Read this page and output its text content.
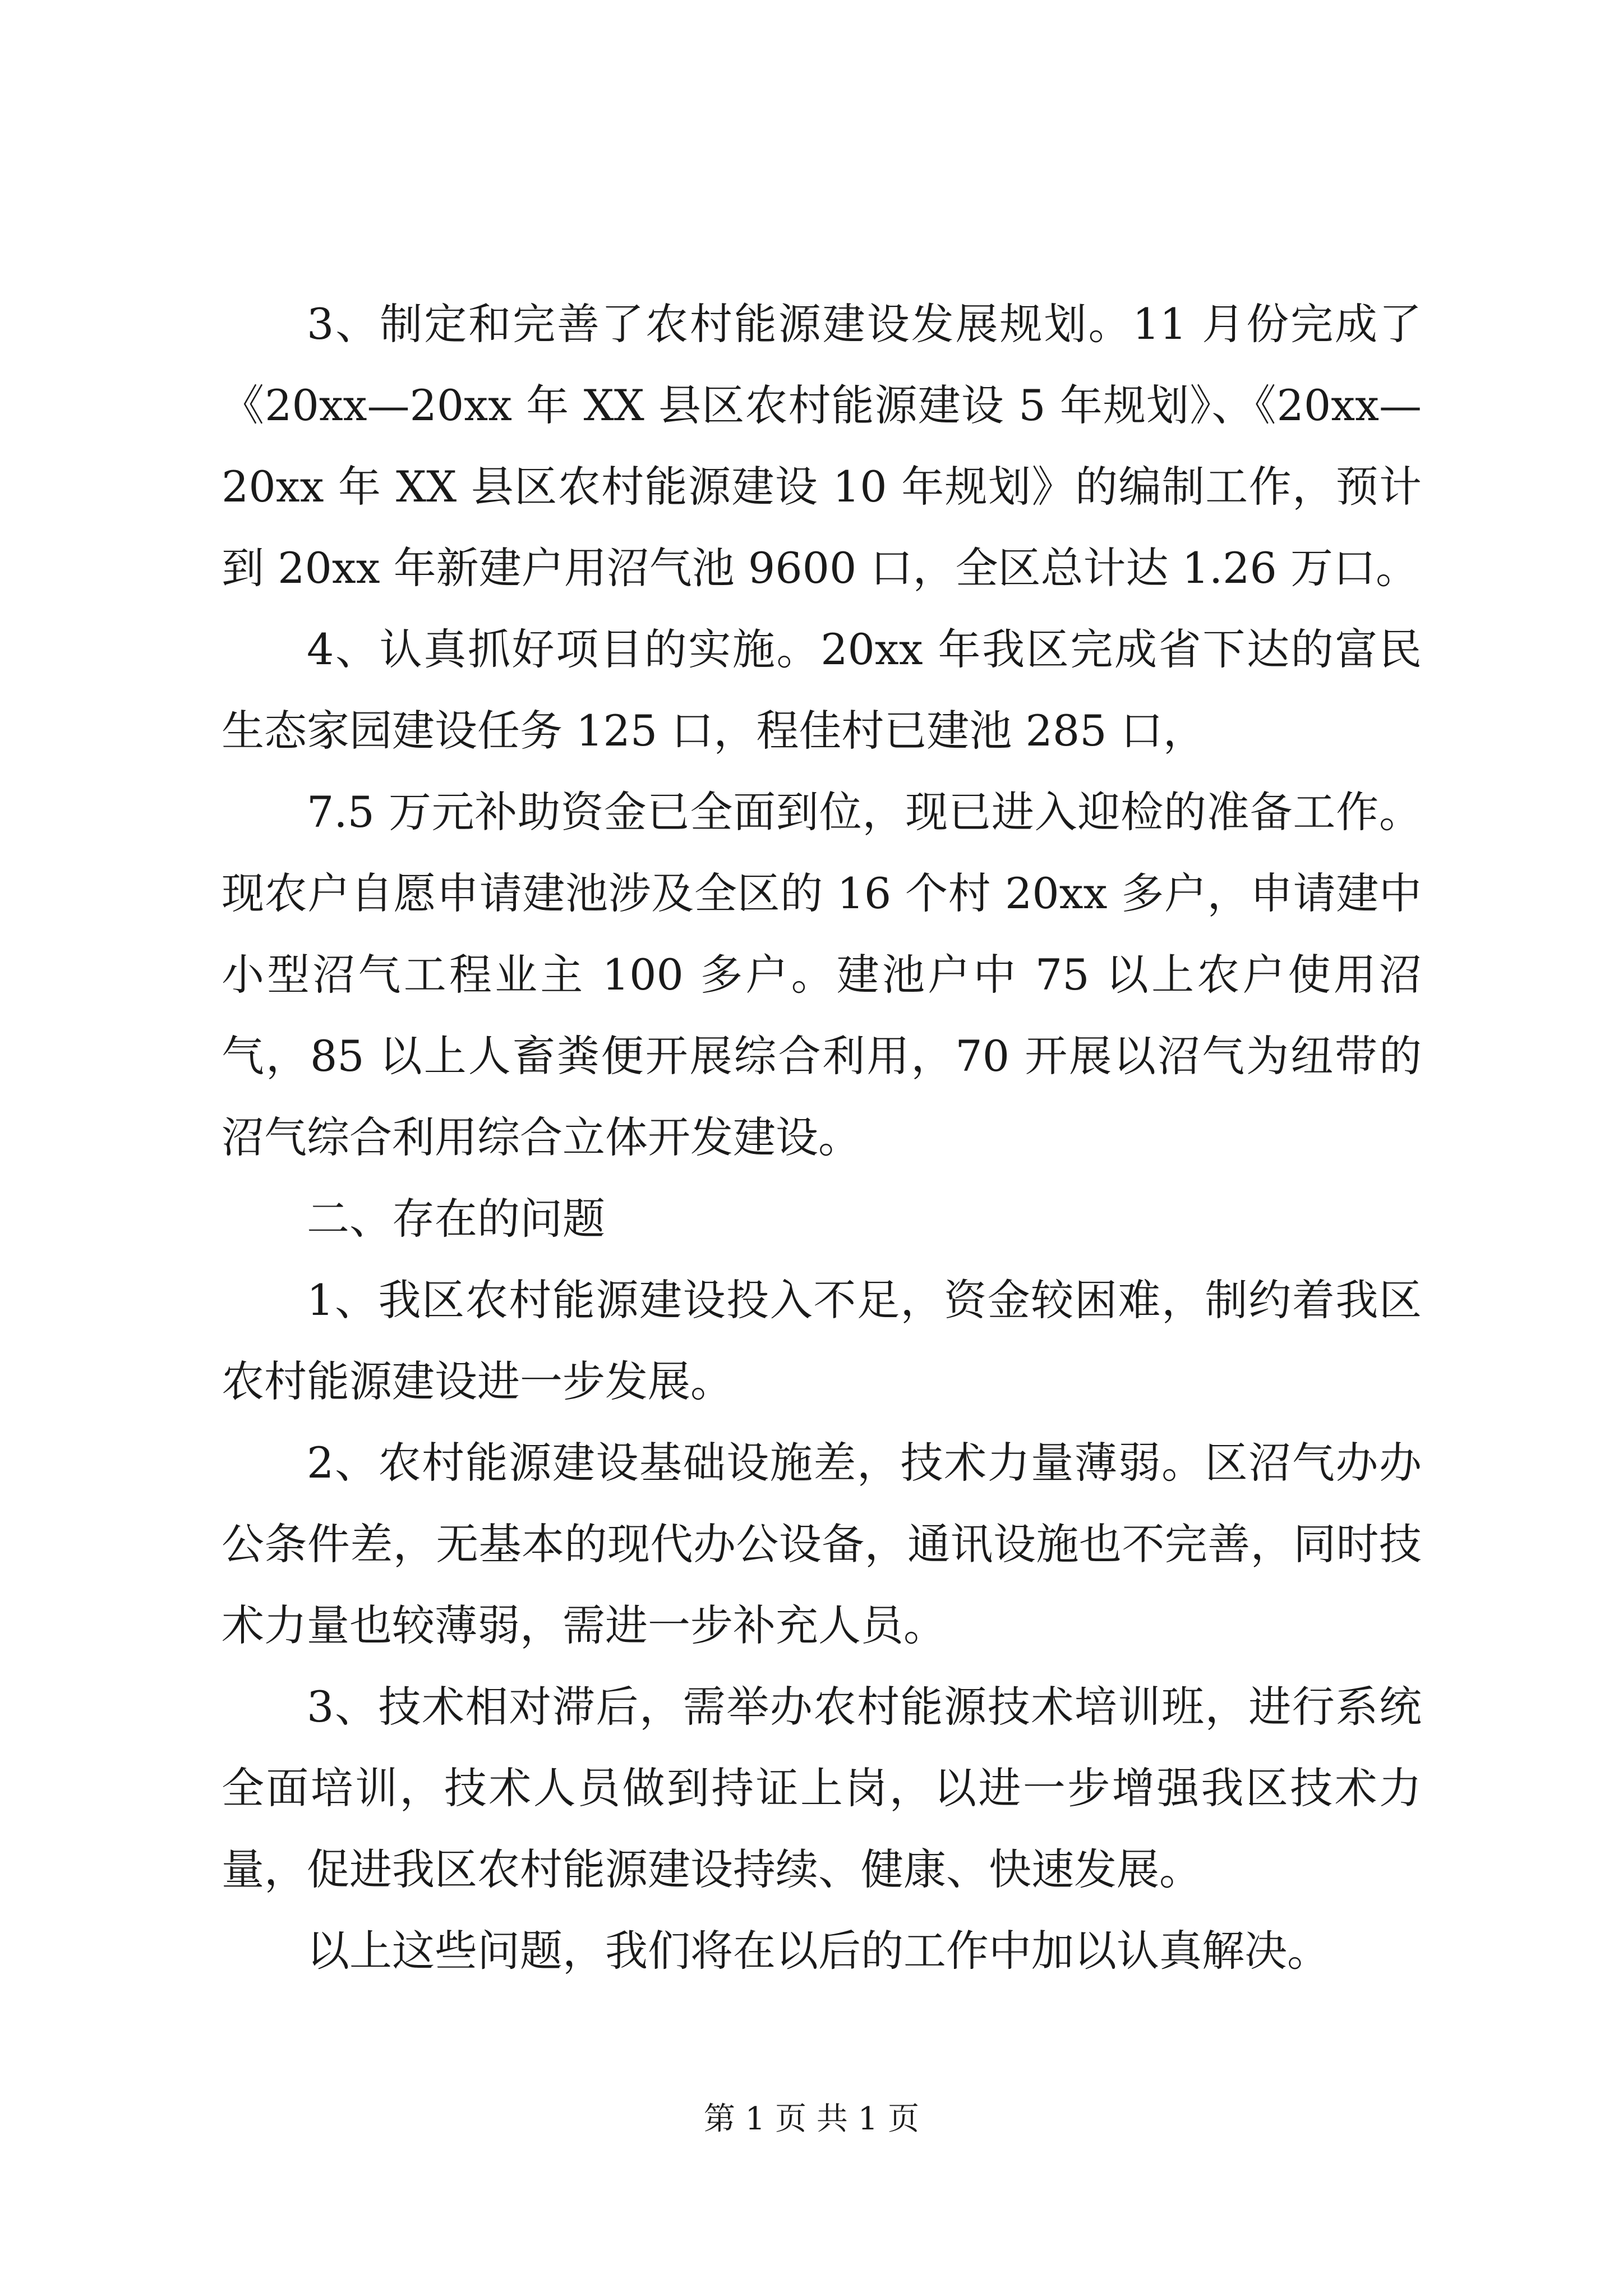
3、制定和完善了农村能源建设发展规划。11 月份完成了《20xx—20xx 年 XX 县区农村能源建设 5 年规划》、《20xx—20xx 年 XX 县区农村能源建设 10 年规划》的编制工作，预计到 20xx 年新建户用沼气池 9600 口，全区总计达 1.26 万口。

4、认真抓好项目的实施。20xx 年我区完成省下达的富民生态家园建设任务 125 口，程佳村已建池 285 口，

7.5 万元补助资金已全面到位，现已进入迎检的准备工作。现农户自愿申请建池涉及全区的 16 个村 20xx 多户，申请建中小型沼气工程业主 100 多户。建池户中 75 以上农户使用沼气，85 以上人畜粪便开展综合利用，70 开展以沼气为纽带的沼气综合利用综合立体开发建设。

二、存在的问题

1、我区农村能源建设投入不足，资金较困难，制约着我区农村能源建设进一步发展。

2、农村能源建设基础设施差，技术力量薄弱。区沼气办办公条件差，无基本的现代办公设备，通讯设施也不完善，同时技术力量也较薄弱，需进一步补充人员。

3、技术相对滞后，需举办农村能源技术培训班，进行系统全面培训，技术人员做到持证上岗，以进一步增强我区技术力量，促进我区农村能源建设持续、健康、快速发展。

以上这些问题，我们将在以后的工作中加以认真解决。

第 1 页 共 1 页
